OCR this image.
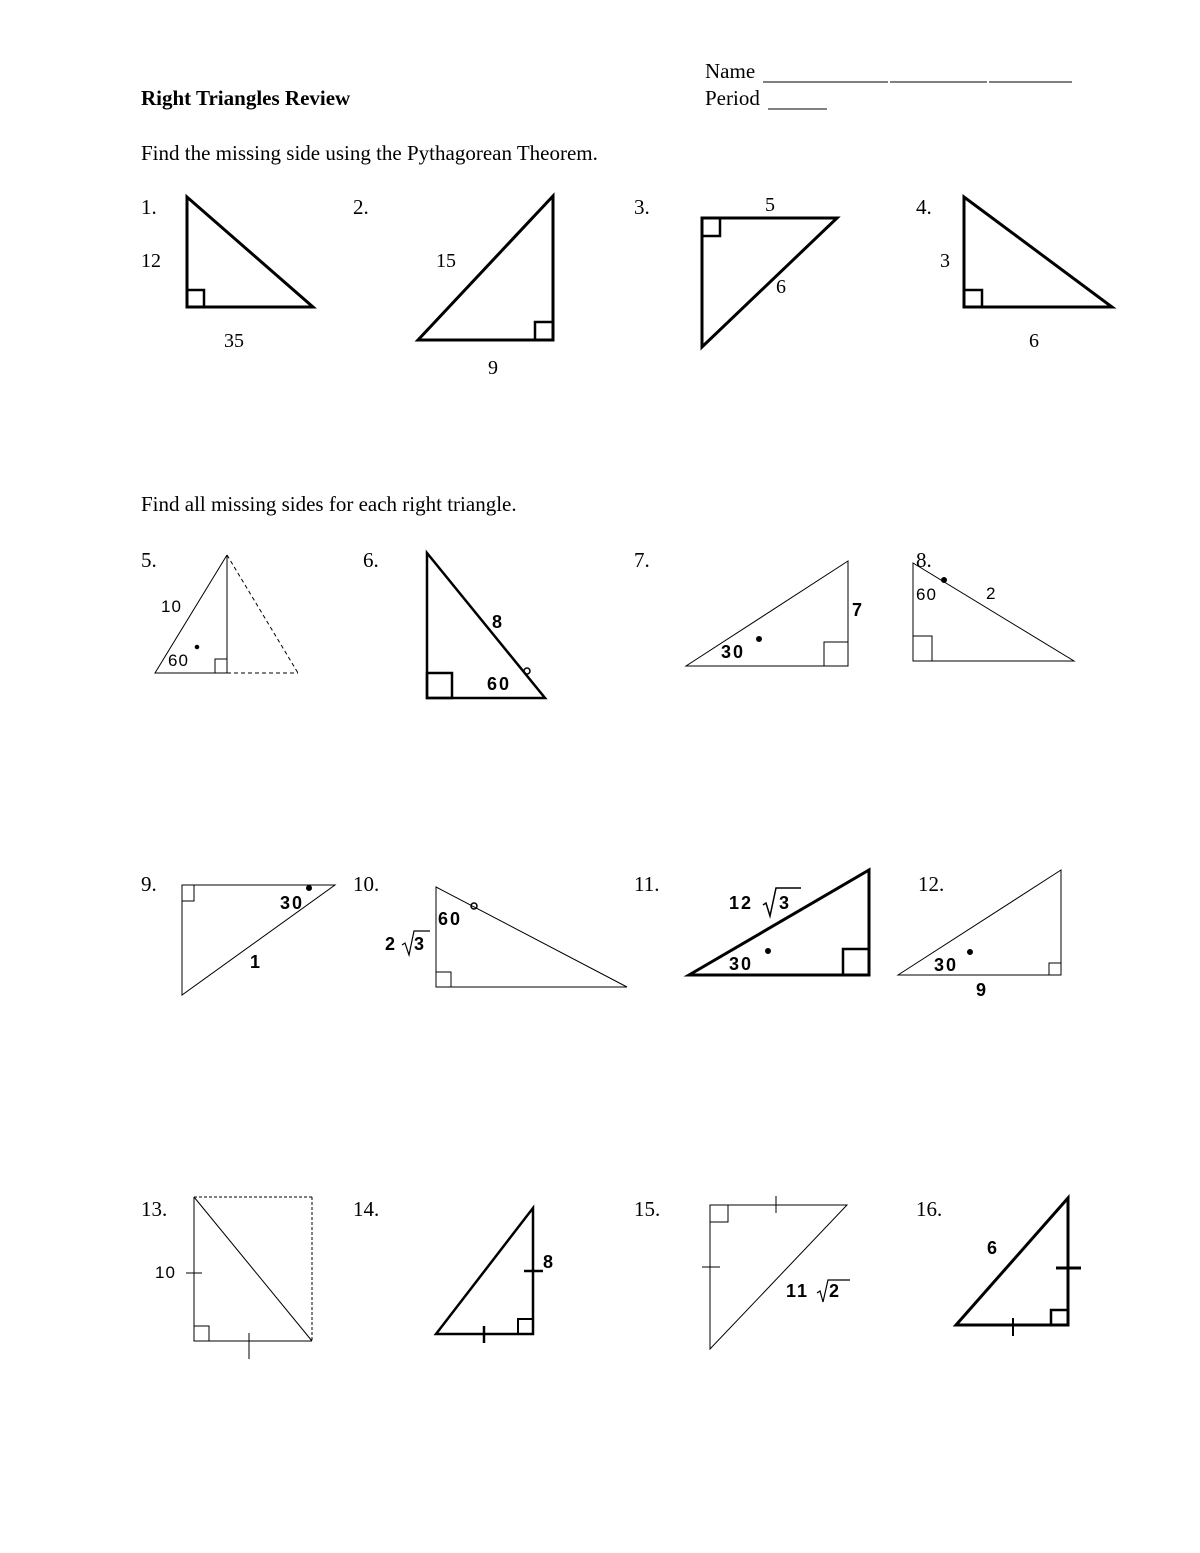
Right Triangles Review
Name
Period
Find the missing side using the Pythagorean Theorem.
1.
12
35
2.
15
9
3.	5
6
4.
3
6
Find all missing sides for each right triangle.
5.
10
60
6.
8
60
7.
7
30
8.
60	2
9.
30
1
10.
2 3
60
11.
12 3
30
12.
30
9
13.
10
14.
8
15.
11 2
16.
6
